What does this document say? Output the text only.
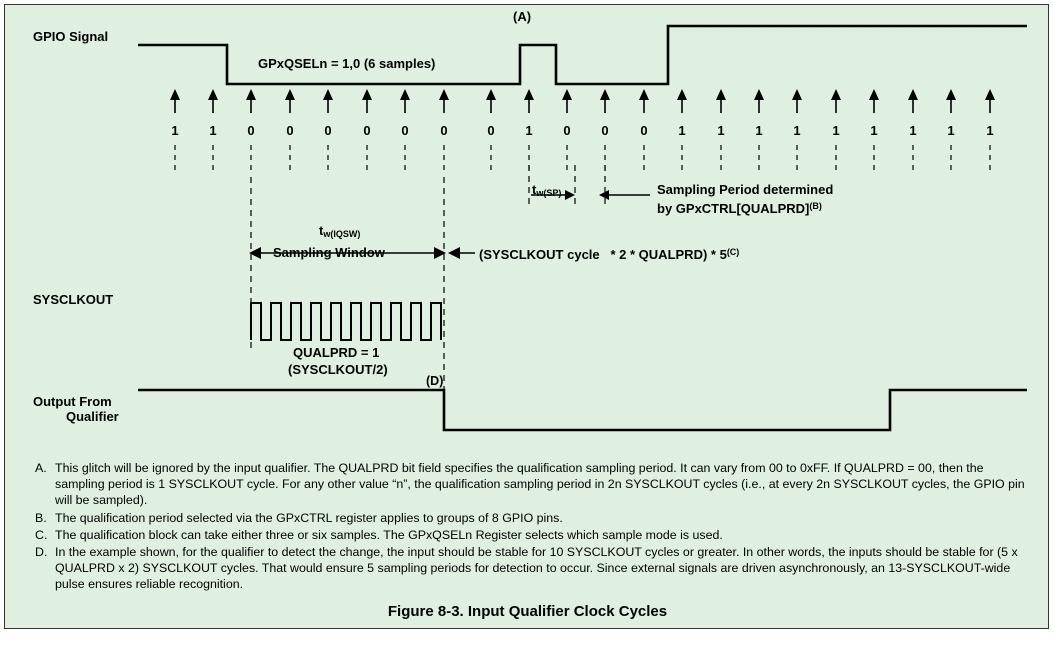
GPIO Signal
SYSCLKOUT
Output From
Qualifier
GPxQSELn = 1,0 (6 samples)
(A)
(D)
1	1	0	0	0	0	0	0	0	1	0	0	0	1	1	1	1	1	1	1	1	1
$t_{w(SP)}$	Sampling Period determined
by GPxCTRL[QUALPRD]$^{(B)}$
$t_{w(IQSW)}$
Sampling Window	(SYSCLKOUT cycle * 2 * QUALPRD) * $5^{(C)}$
QUALPRD = 1
(SYSCLKOUT/2)
A. This glitch will be ignored by the input qualifier. The QUALPRD bit field specifies the qualification sampling period. It can vary from 00 to 0xFF. If QUALPRD = 00, then the sampling period is 1 SYSCLKOUT cycle. For any other value “n”, the qualification sampling period in 2n SYSCLKOUT cycles (i.e., at every 2n SYSCLKOUT cycles, the GPIO pin will be sampled).
B. The qualification period selected via the GPxCTRL register applies to groups of 8 GPIO pins.
C. The qualification block can take either three or six samples. The GPxQSELn Register selects which sample mode is used.
D. In the example shown, for the qualifier to detect the change, the input should be stable for 10 SYSCLKOUT cycles or greater. In other words, the inputs should be stable for (5 x QUALPRD x 2) SYSCLKOUT cycles. That would ensure 5 sampling periods for detection to occur. Since external signals are driven asynchronously, an 13-SYSCLKOUT-wide pulse ensures reliable recognition.
Figure 8-3. Input Qualifier Clock Cycles
